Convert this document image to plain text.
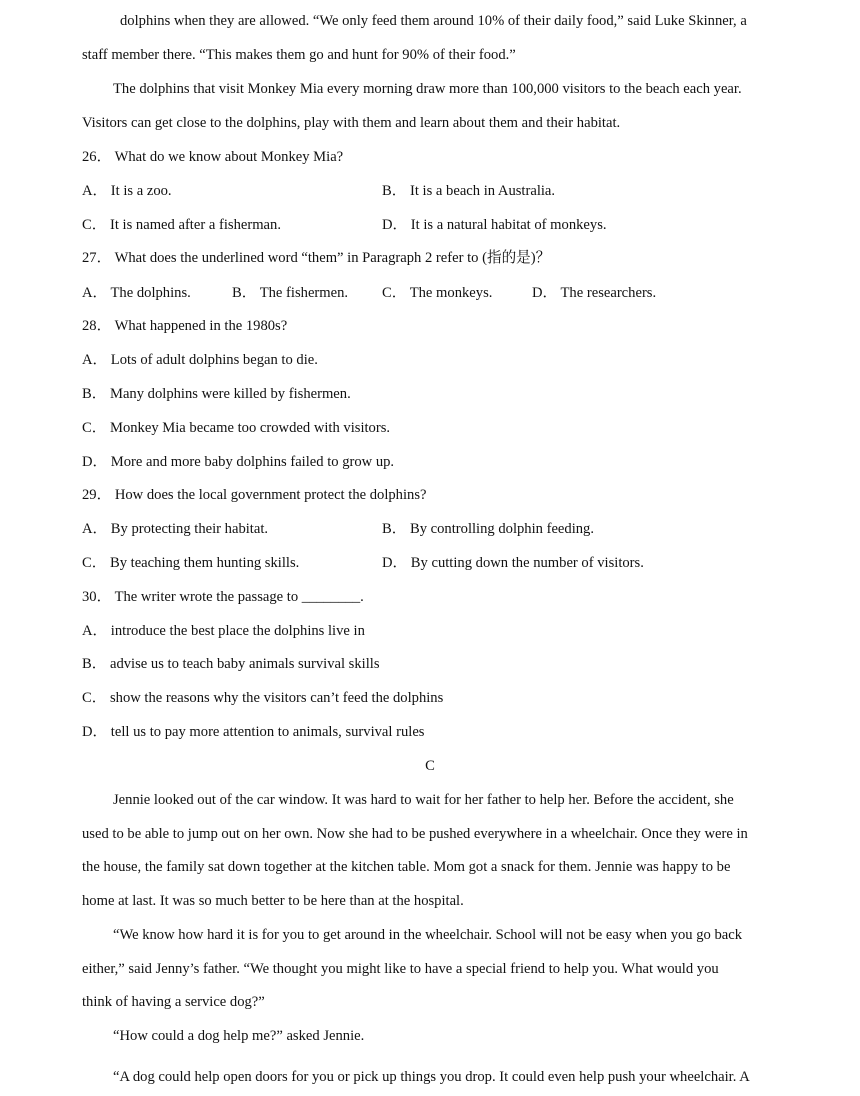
dolphins when they are allowed. “We only feed them around 10% of their daily food,” said Luke Skinner, a
staff member there. “This makes them go and hunt for 90% of their food.”
The dolphins that visit Monkey Mia every morning draw more than 100,000 visitors to the beach each year.
Visitors can get close to the dolphins, play with them and learn about them and their habitat.
26． What do we know about Monkey Mia?
A． It is a zoo.	B． It is a beach in Australia.
C． It is named after a fisherman.	D． It is a natural habitat of monkeys.
27． What does the underlined word “them” in Paragraph 2 refer to (指的是)？
A． The dolphins.	B． The fishermen. C． The monkeys.	D． The researchers.
28． What happened in the 1980s?
A． Lots of adult dolphins began to die.
B． Many dolphins were killed by fishermen.
C． Monkey Mia became too crowded with visitors.
D． More and more baby dolphins failed to grow up.
29． How does the local government protect the dolphins?
A． By protecting their habitat.	B． By controlling dolphin feeding.
C． By teaching them hunting skills.	D． By cutting down the number of visitors.
30． The writer wrote the passage to ________.
A． introduce the best place the dolphins live in
B． advise us to teach baby animals survival skills
C． show the reasons why the visitors can’t feed the dolphins
D． tell us to pay more attention to animals, survival rules
C
Jennie looked out of the car window. It was hard to wait for her father to help her. Before the accident, she
used to be able to jump out on her own. Now she had to be pushed everywhere in a wheelchair. Once they were in
the house, the family sat down together at the kitchen table. Mom got a snack for them. Jennie was happy to be
home at last. It was so much better to be here than at the hospital.
“We know how hard it is for you to get around in the wheelchair. School will not be easy when you go back
either,” said Jenny’s father. “We thought you might like to have a special friend to help you. What would you
think of having a service dog?”
“How could a dog help me?” asked Jennie.
“A dog could help open doors for you or pick up things you drop. It could even help push your wheelchair. A
